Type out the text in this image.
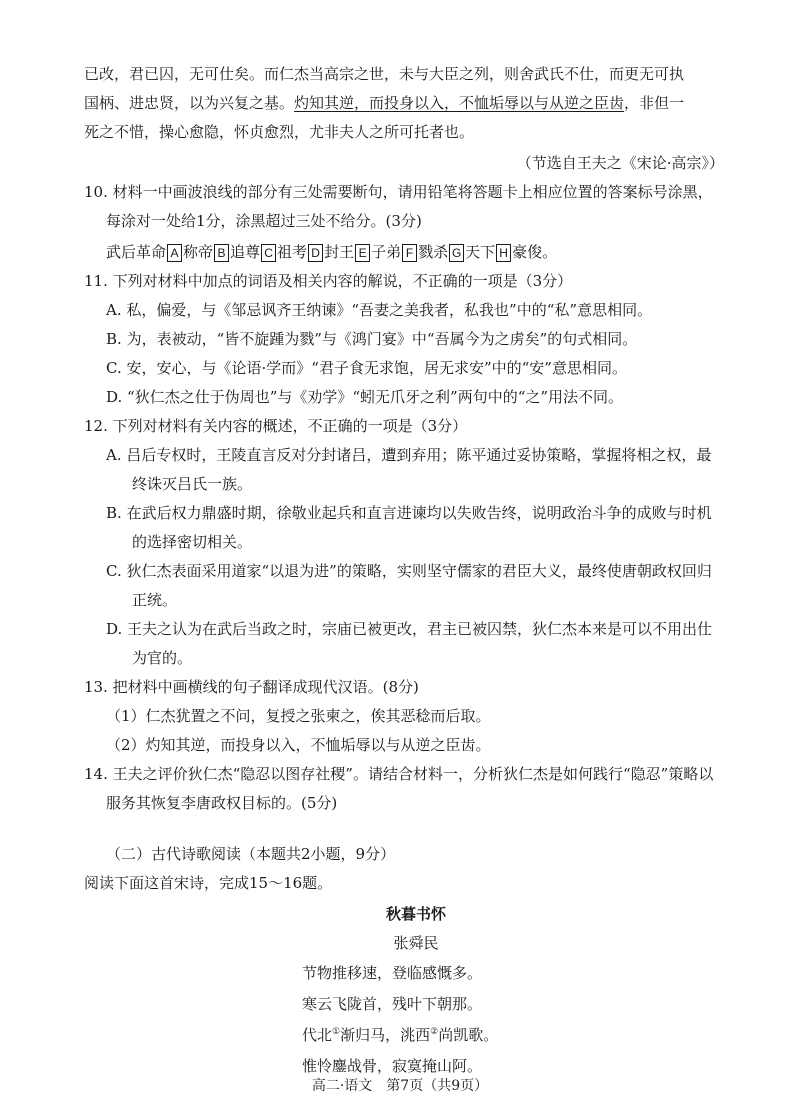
已改，君已囚，无可仕矣。而仁杰当高宗之世，未与大臣之列，则舍武氏不仕，而更无可执

国柄、进忠贤，以为兴复之基。灼知其逆，而投身以入，不恤垢辱以与从逆之臣齿，非但一

死之不惜，操心愈隐，怀贞愈烈，尤非夫人之所可托者也。

（节选自王夫之《宋论·高宗》）

10. 材料一中画波浪线的部分有三处需要断句，请用铅笔将答题卡上相应位置的答案标号涂黑，每涂对一处给1分，涂黑超过三处不给分。(3分)

武后革命 A 称帝 B 追尊 C 祖考 D 封王 E 子弟 F 戮杀 G 天下 H 豪俊。

11. 下列对材料中加点的词语及相关内容的解说，不正确的一项是（3分）

A. 私，偏爱，与《邹忌讽齐王纳谏》“吾妻之美我者，私我也”中的“私”意思相同。

B. 为，表被动，“皆不旋踵为戮”与《鸿门宴》中“吾属今为之虏矣”的句式相同。

C. 安，安心，与《论语·学而》“君子食无求饱，居无求安”中的“安”意思相同。

D. “狄仁杰之仕于伪周也”与《劝学》“蚓无爪牙之利”两句中的“之”用法不同。

12. 下列对材料有关内容的概述，不正确的一项是（3分）

A. 吕后专权时，王陵直言反对分封诸吕，遭到弃用；陈平通过妥协策略，掌握将相之权，最终诛灭吕氏一族。

B. 在武后权力鼎盛时期，徐敬业起兵和直言进谏均以失败告终，说明政治斗争的成败与时机的选择密切相关。

C. 狄仁杰表面采用道家“以退为进”的策略，实则坚守儒家的君臣大义，最终使唐朝政权回归正统。

D. 王夫之认为在武后当政之时，宗庙已被更改，君主已被囚禁，狄仁杰本来是可以不用出仕为官的。

13. 把材料中画横线的句子翻译成现代汉语。(8分)

（1）仁杰犹置之不问，复授之张柬之，俟其恶稔而后取。

（2）灼知其逆，而投身以入，不恤垢辱以与从逆之臣齿。

14. 王夫之评价狄仁杰“隐忍以图存社稷”。请结合材料一，分析狄仁杰是如何践行“隐忍”策略以服务其恢复李唐政权目标的。(5分)

（二）古代诗歌阅读（本题共2小题，9分）

阅读下面这首宋诗，完成15～16题。

秋暮书怀

张舜民

节物推移速，登临感慨多。

寒云飞陇首，残叶下朝那。

代北①渐归马，洮西②尚凯歌。

惟怜鏖战骨，寂寞掩山阿。

高二·语文　第7页（共9页）
